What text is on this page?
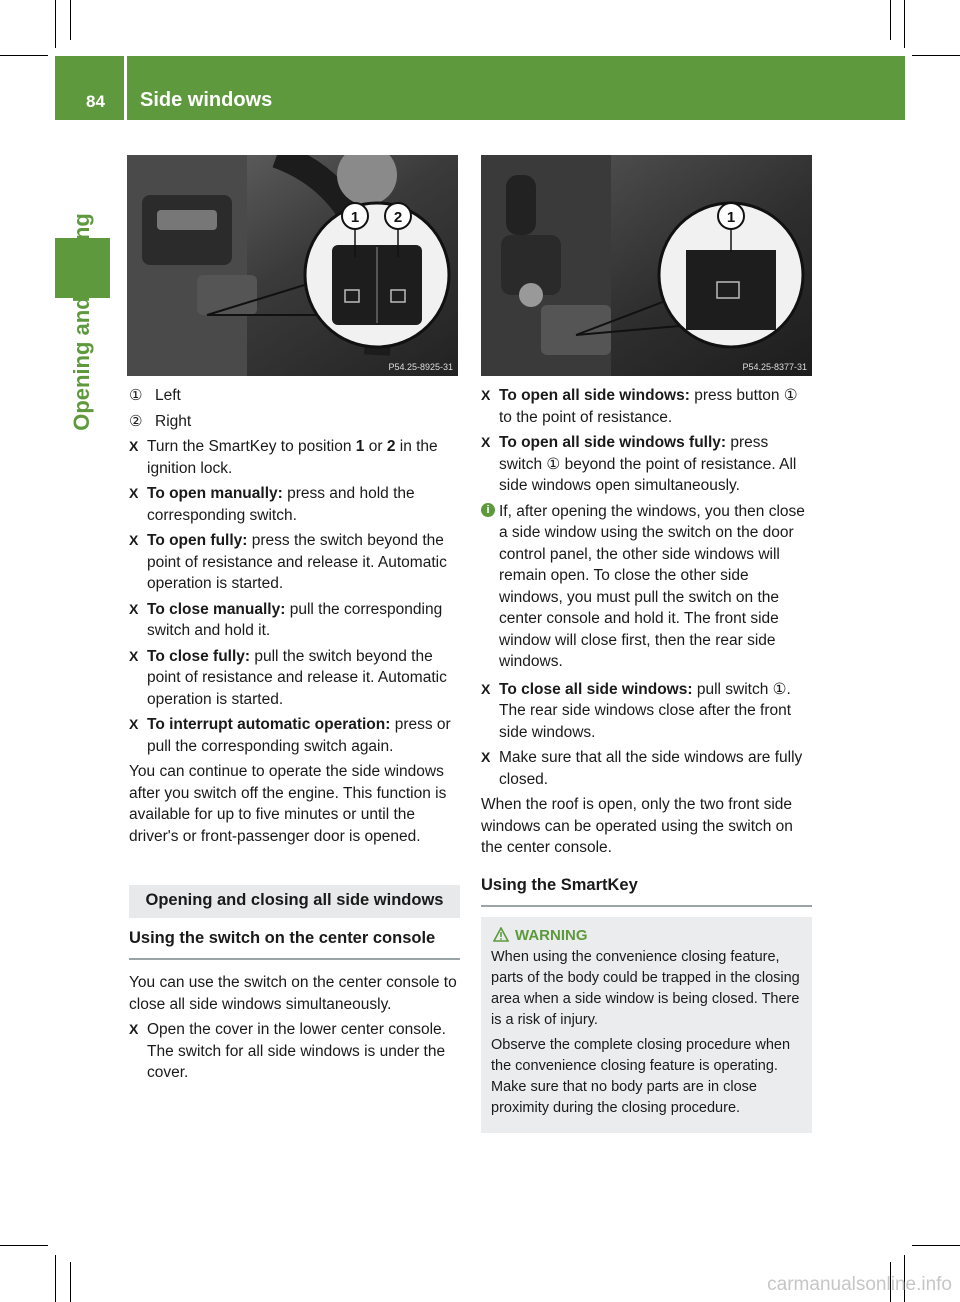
84 Side windows
Opening and closing	1 2
P54.25-8925-31
1
P54.25-8377-31
① Left
② Right
X Turn the SmartKey to position 1 or 2 in the ignition lock.
X To open manually: press and hold the corresponding switch.
X To open fully: press the switch beyond the point of resistance and release it. Automatic operation is started.
X To close manually: pull the corresponding switch and hold it.
X To close fully: pull the switch beyond the point of resistance and release it. Automatic operation is started.
X To interrupt automatic operation: press or pull the corresponding switch again.

You can continue to operate the side windows after you switch off the engine. This function is available for up to five minutes or until the driver's or front-passenger door is opened.

Opening and closing all side windows
Using the switch on the center console

You can use the switch on the center console to close all side windows simultaneously.

X Open the cover in the lower center console. The switch for all side windows is under the cover.
X To open all side windows: press button ① to the point of resistance.
X To open all side windows fully: press switch ① beyond the point of resistance. All side windows open simultaneously.
i If, after opening the windows, you then close a side window using the switch on the door control panel, the other side windows will remain open. To close the other side windows, you must pull the switch on the center console and hold it. The front side window will close first, then the rear side windows.
X To close all side windows: pull switch ①. The rear side windows close after the front side windows.
X Make sure that all the side windows are fully closed.

When the roof is open, only the two front side windows can be operated using the switch on the center console.

Using the SmartKey
WARNING

When using the convenience closing feature, parts of the body could be trapped in the closing area when a side window is being closed. There is a risk of injury.

Observe the complete closing procedure when the convenience closing feature is operating. Make sure that no body parts are in close proximity during the closing procedure.

carmanualsonline.info
